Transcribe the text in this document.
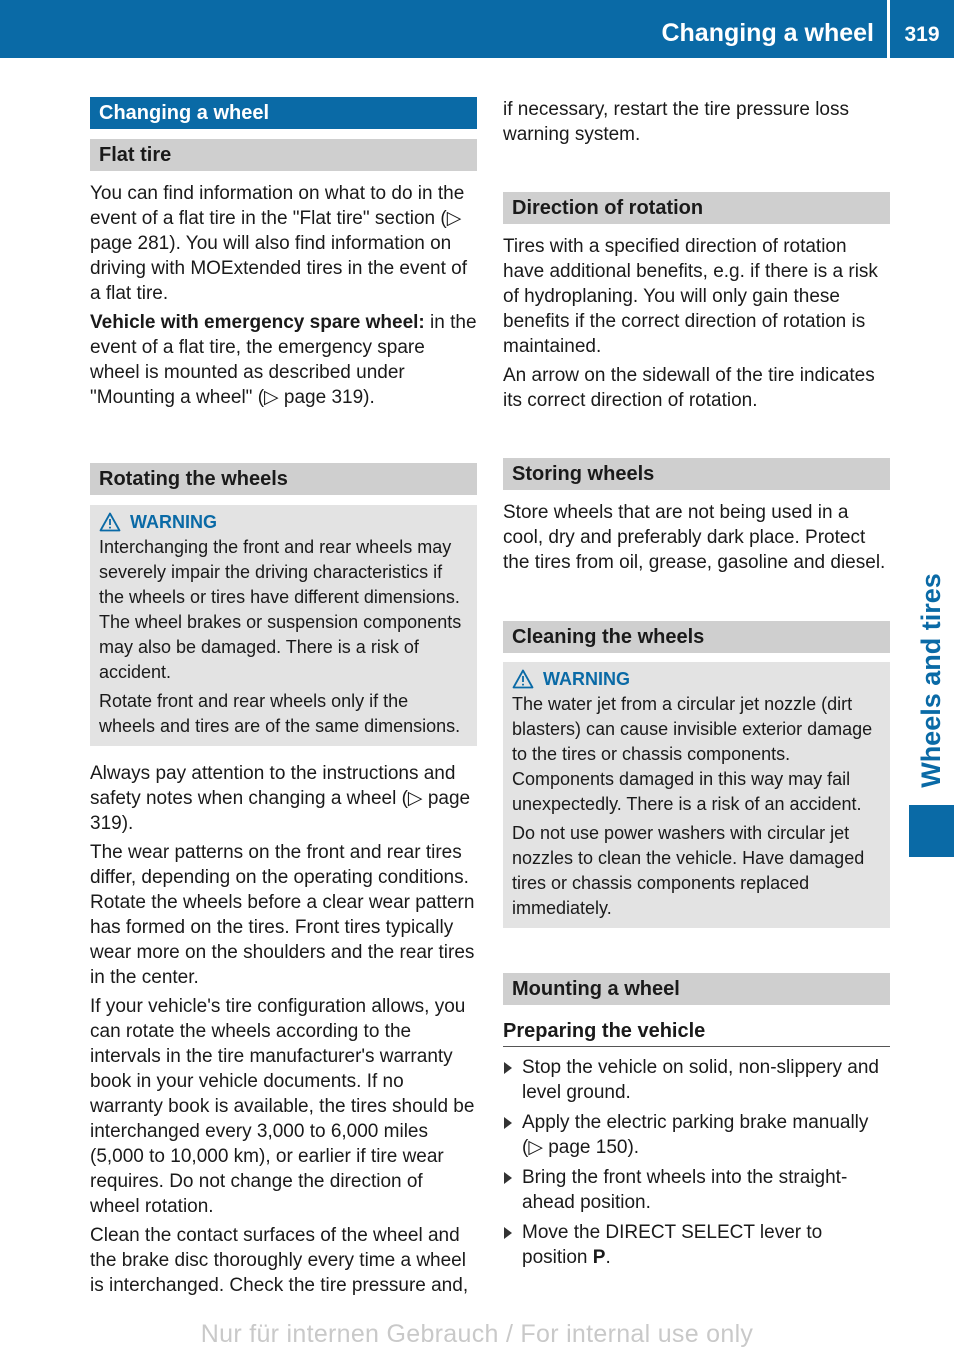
Changing a wheel	319
Wheels and tires
Changing a wheel
Flat tire

You can find information on what to do in the event of a flat tire in the "Flat tire" section (▷ page 281). You will also find information on driving with MOExtended tires in the event of a flat tire.

Vehicle with emergency spare wheel: in the event of a flat tire, the emergency spare wheel is mounted as described under "Mounting a wheel" (▷ page 319).

Rotating the wheels
WARNING

Interchanging the front and rear wheels may severely impair the driving characteristics if the wheels or tires have different dimensions. The wheel brakes or suspension components may also be damaged. There is a risk of accident.

Rotate front and rear wheels only if the wheels and tires are of the same dimensions.

Always pay attention to the instructions and safety notes when changing a wheel (▷ page 319).

The wear patterns on the front and rear tires differ, depending on the operating conditions. Rotate the wheels before a clear wear pattern has formed on the tires. Front tires typically wear more on the shoulders and the rear tires in the center.

If your vehicle's tire configuration allows, you can rotate the wheels according to the intervals in the tire manufacturer's warranty book in your vehicle documents. If no warranty book is available, the tires should be interchanged every 3,000 to 6,000 miles (5,000 to 10,000 km), or earlier if tire wear requires. Do not change the direction of wheel rotation.

Clean the contact surfaces of the wheel and the brake disc thoroughly every time a wheel is interchanged. Check the tire pressure and,

if necessary, restart the tire pressure loss warning system.

Direction of rotation

Tires with a specified direction of rotation have additional benefits, e.g. if there is a risk of hydroplaning. You will only gain these benefits if the correct direction of rotation is maintained.

An arrow on the sidewall of the tire indicates its correct direction of rotation.

Storing wheels

Store wheels that are not being used in a cool, dry and preferably dark place. Protect the tires from oil, grease, gasoline and diesel.

Cleaning the wheels
WARNING

The water jet from a circular jet nozzle (dirt blasters) can cause invisible exterior damage to the tires or chassis components. Components damaged in this way may fail unexpectedly. There is a risk of an accident.

Do not use power washers with circular jet nozzles to clean the vehicle. Have damaged tires or chassis components replaced immediately.

Mounting a wheel
Preparing the vehicle
Stop the vehicle on solid, non-slippery and level ground.
Apply the electric parking brake manually (▷ page 150).
Bring the front wheels into the straight-ahead position.
Move the DIRECT SELECT lever to position P.
Nur für internen Gebrauch / For internal use only
